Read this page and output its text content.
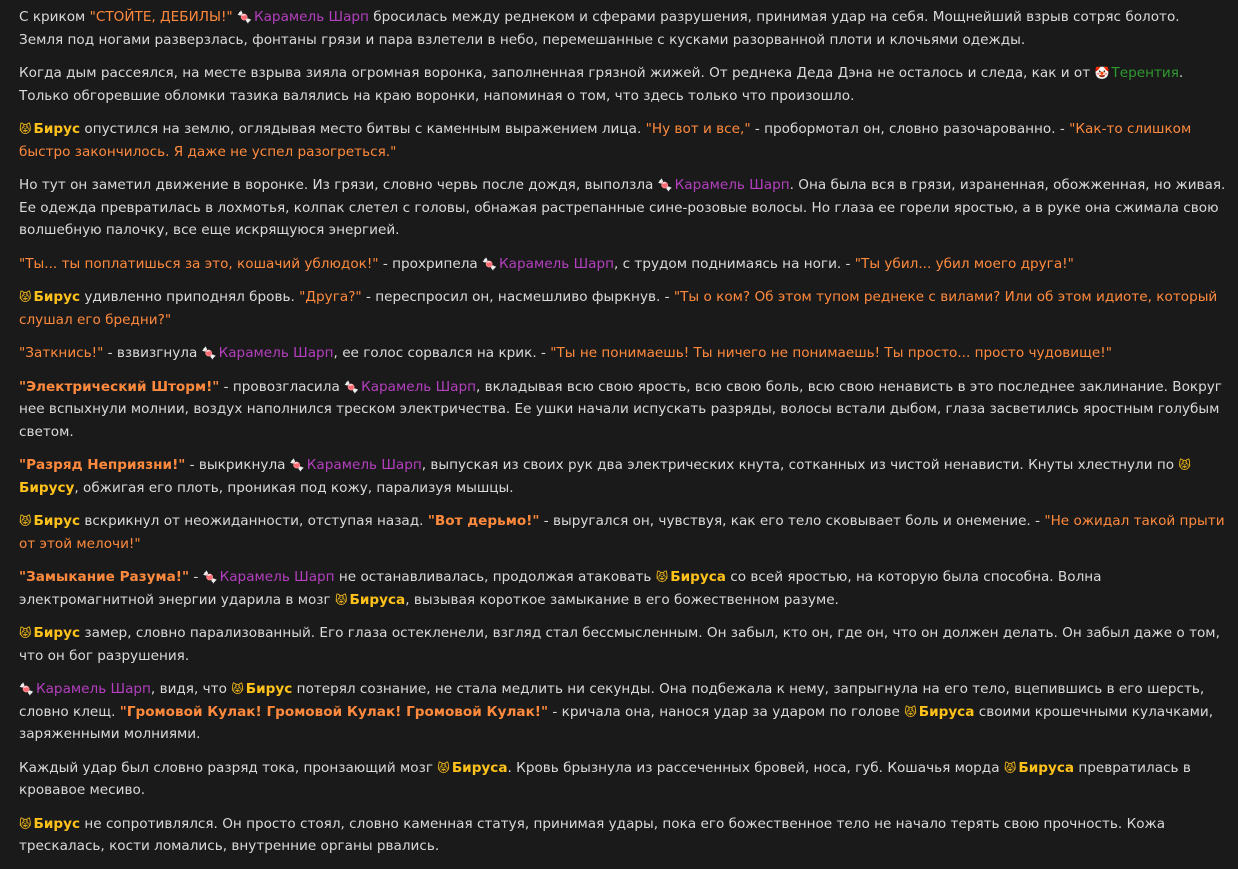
С криком "СТОЙТЕ, ДЕБИЛЫ!" 🍬 Карамель Шарп бросилась между реднеком и сферами разрушения, принимая удар на себя. Мощнейший взрыв сотряс болото. Земля под ногами разверзлась, фонтаны грязи и пара взлетели в небо, перемешанные с кусками разорванной плоти и клочьями одежды.

Когда дым рассеялся, на месте взрыва зияла огромная воронка, заполненная грязной жижей. От реднека Деда Дэна не осталось и следа, как и от 🤡 Терентия. Только обгоревшие обломки тазика валялись на краю воронки, напоминая о том, что здесь только что произошло.

😾 Бирус опустился на землю, оглядывая место битвы с каменным выражением лица. "Ну вот и все," - пробормотал он, словно разочарованно. - "Как-то слишком быстро закончилось. Я даже не успел разогреться."

Но тут он заметил движение в воронке. Из грязи, словно червь после дождя, выползла 🍬 Карамель Шарп. Она была вся в грязи, израненная, обожженная, но живая. Ее одежда превратилась в лохмотья, колпак слетел с головы, обнажая растрепанные сине-розовые волосы. Но глаза ее горели яростью, а в руке она сжимала свою волшебную палочку, все еще искрящуюся энергией.

"Ты... ты поплатишься за это, кошачий ублюдок!" - прохрипела 🍬 Карамель Шарп, с трудом поднимаясь на ноги. - "Ты убил... убил моего друга!"

😾 Бирус удивленно приподнял бровь. "Друга?" - переспросил он, насмешливо фыркнув. - "Ты о ком? Об этом тупом реднеке с вилами? Или об этом идиоте, который слушал его бредни?"

"Заткнись!" - взвизгнула 🍬 Карамель Шарп, ее голос сорвался на крик. - "Ты не понимаешь! Ты ничего не понимаешь! Ты просто... просто чудовище!"

"Электрический Шторм!" - провозгласила 🍬 Карамель Шарп, вкладывая всю свою ярость, всю свою боль, всю свою ненависть в это последнее заклинание. Вокруг нее вспыхнули молнии, воздух наполнился треском электричества. Ее ушки начали испускать разряды, волосы встали дыбом, глаза засветились яростным голубым светом.

"Разряд Неприязни!" - выкрикнула 🍬 Карамель Шарп, выпуская из своих рук два электрических кнута, сотканных из чистой ненависти. Кнуты хлестнули по 😾Бирусу, обжигая его плоть, проникая под кожу, парализуя мышцы.

😾 Бирус вскрикнул от неожиданности, отступая назад. "Вот дерьмо!" - выругался он, чувствуя, как его тело сковывает боль и онемение. - "Не ожидал такой прыти от этой мелочи!"

"Замыкание Разума!" - 🍬 Карамель Шарп не останавливалась, продолжая атаковать 😾 Бируса со всей яростью, на которую была способна. Волна электромагнитной энергии ударила в мозг 😾 Бируса, вызывая короткое замыкание в его божественном разуме.

😾 Бирус замер, словно парализованный. Его глаза остекленели, взгляд стал бессмысленным. Он забыл, кто он, где он, что он должен делать. Он забыл даже о том, что он бог разрушения.

🍬 Карамель Шарп, видя, что 😾 Бирус потерял сознание, не стала медлить ни секунды. Она подбежала к нему, запрыгнула на его тело, вцепившись в его шерсть, словно клещ. "Громовой Кулак! Громовой Кулак! Громовой Кулак!" - кричала она, нанося удар за ударом по голове 😾 Бируса своими крошечными кулачками, заряженными молниями.

Каждый удар был словно разряд тока, пронзающий мозг 😾 Бируса. Кровь брызнула из рассеченных бровей, носа, губ. Кошачья морда 😾 Бируса превратилась в кровавое месиво.

😾 Бирус не сопротивлялся. Он просто стоял, словно каменная статуя, принимая удары, пока его божественное тело не начало терять свою прочность. Кожа трескалась, кости ломались, внутренние органы рвались.
